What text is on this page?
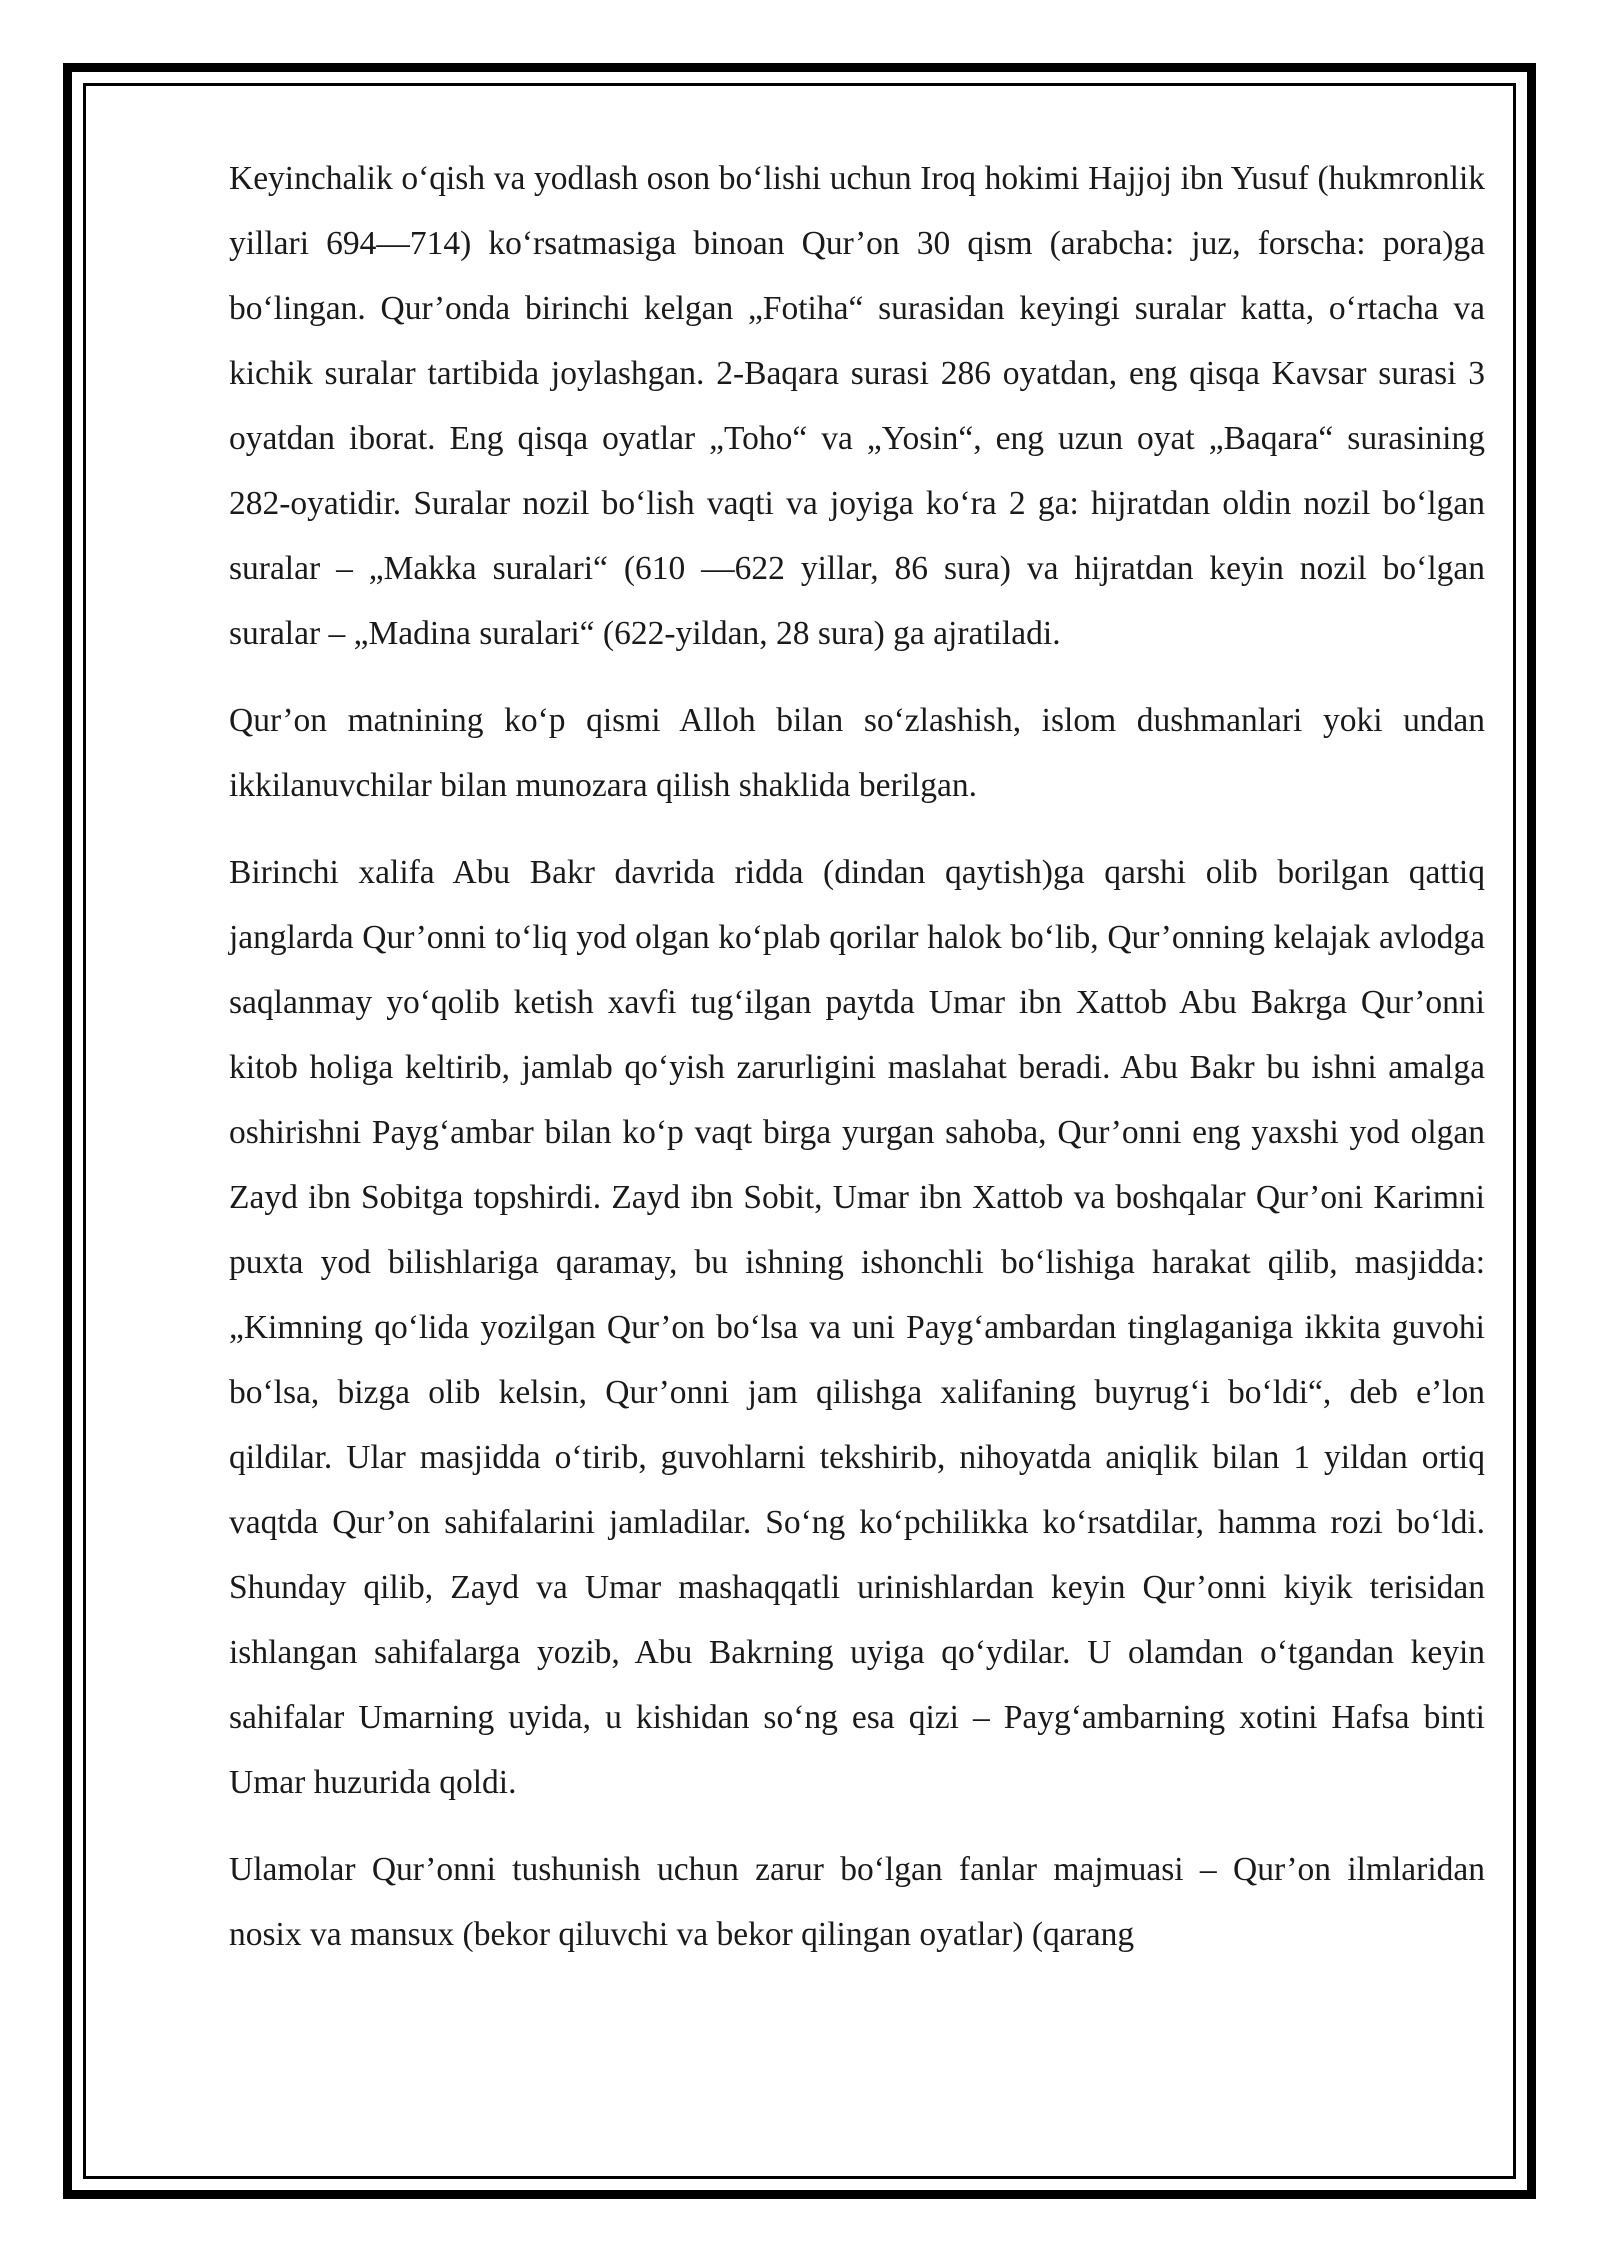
Keyinchalik o‘qish va yodlash oson bo‘lishi uchun Iroq hokimi Hajjoj ibn Yusuf (hukmronlik yillari 694—714) ko‘rsatmasiga binoan Qur’on 30 qism (arabcha: juz, forscha: pora)ga bo‘lingan. Qur’onda birinchi kelgan „Fotiha“ surasidan keyingi suralar katta, o‘rtacha va kichik suralar tartibida joylashgan. 2-Baqara surasi 286 oyatdan, eng qisqa Kavsar surasi 3 oyatdan iborat. Eng qisqa oyatlar „Toho“ va „Yosin“, eng uzun oyat „Baqara“ surasining 282-oyatidir. Suralar nozil bo‘lish vaqti va joyiga ko‘ra 2 ga: hijratdan oldin nozil bo‘lgan suralar – „Makka suralari“ (610 —622 yillar, 86 sura) va hijratdan keyin nozil bo‘lgan suralar – „Madina suralari“ (622-yildan, 28 sura) ga ajratiladi.

Qur’on matnining ko‘p qismi Alloh bilan so‘zlashish, islom dushmanlari yoki undan ikkilanuvchilar bilan munozara qilish shaklida berilgan.

Birinchi xalifa Abu Bakr davrida ridda (dindan qaytish)ga qarshi olib borilgan qattiq janglarda Qur’onni to‘liq yod olgan ko‘plab qorilar halok bo‘lib, Qur’onning kelajak avlodga saqlanmay yo‘qolib ketish xavfi tug‘ilgan paytda Umar ibn Xattob Abu Bakrga Qur’onni kitob holiga keltirib, jamlab qo‘yish zarurligini maslahat beradi. Abu Bakr bu ishni amalga oshirishni Payg‘ambar bilan ko‘p vaqt birga yurgan sahoba, Qur’onni eng yaxshi yod olgan Zayd ibn Sobitga topshirdi. Zayd ibn Sobit, Umar ibn Xattob va boshqalar Qur’oni Karimni puxta yod bilishlariga qaramay, bu ishning ishonchli bo‘lishiga harakat qilib, masjidda: „Kimning qo‘lida yozilgan Qur’on bo‘lsa va uni Payg‘ambardan tinglaganiga ikkita guvohi bo‘lsa, bizga olib kelsin, Qur’onni jam qilishga xalifaning buyrug‘i bo‘ldi“, deb e’lon qildilar. Ular masjidda o‘tirib, guvohlarni tekshirib, nihoyatda aniqlik bilan 1 yildan ortiq vaqtda Qur’on sahifalarini jamladilar. So‘ng ko‘pchilikka ko‘rsatdilar, hamma rozi bo‘ldi. Shunday qilib, Zayd va Umar mashaqqatli urinishlardan keyin Qur’onni kiyik terisidan ishlangan sahifalarga yozib, Abu Bakrning uyiga qo‘ydilar. U olamdan o‘tgandan keyin sahifalar Umarning uyida, u kishidan so‘ng esa qizi – Payg‘ambarning xotini Hafsa binti Umar huzurida qoldi.

Ulamolar Qur’onni tushunish uchun zarur bo‘lgan fanlar majmuasi – Qur’on ilmlaridan nosix va mansux (bekor qiluvchi va bekor qilingan oyatlar) (qarang
